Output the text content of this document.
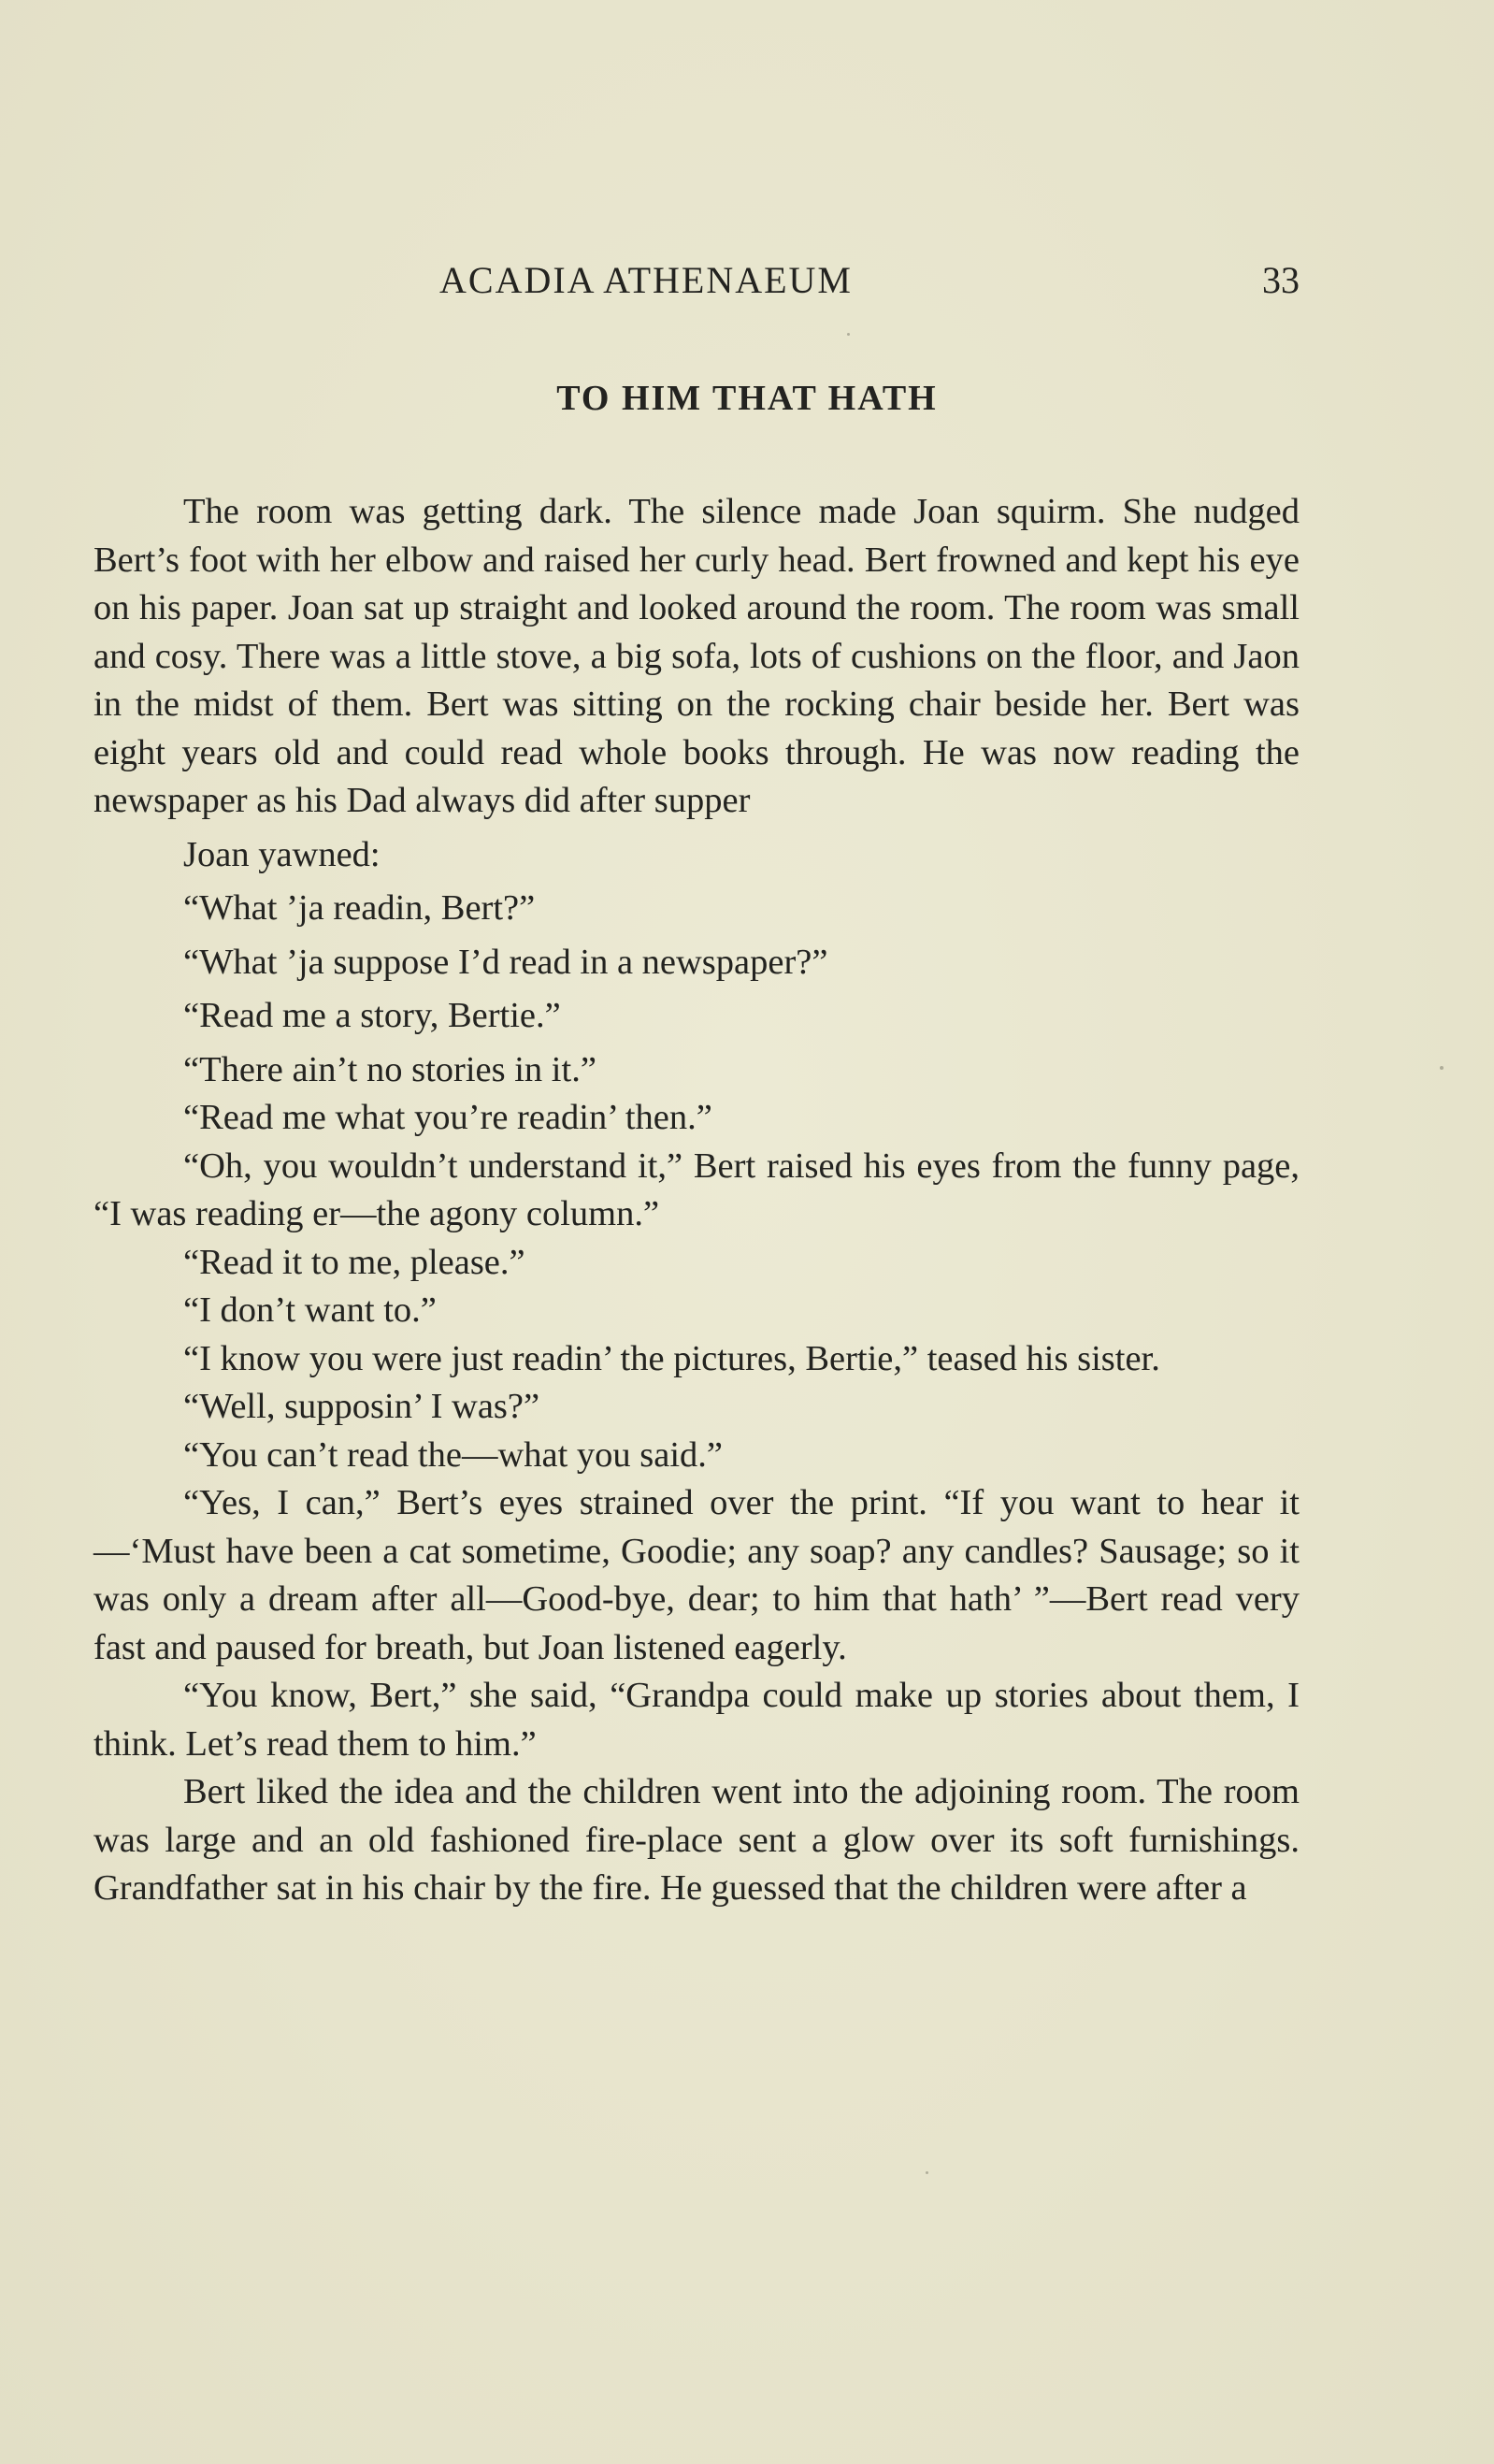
ACADIA ATHENAEUM	33
TO HIM THAT HATH

The room was getting dark. The silence made Joan squirm. She nudged Bert’s foot with her elbow and raised her curly head. Bert frowned and kept his eye on his paper. Joan sat up straight and looked around the room. The room was small and cosy. There was a little stove, a big sofa, lots of cushions on the floor, and Jaon in the midst of them. Bert was sitting on the rocking chair beside her. Bert was eight years old and could read whole books through. He was now reading the newspaper as his Dad always did after supper

Joan yawned:

“What ’ja readin, Bert?”

“What ’ja suppose I’d read in a newspaper?”

“Read me a story, Bertie.”

“There ain’t no stories in it.”

“Read me what you’re readin’ then.”

“Oh, you wouldn’t understand it,” Bert raised his eyes from the funny page, “I was reading er—the agony column.”

“Read it to me, please.”

“I don’t want to.”

“I know you were just readin’ the pictures, Bertie,” teased his sister.

“Well, supposin’ I was?”

“You can’t read the—what you said.”

“Yes, I can,” Bert’s eyes strained over the print. “If you want to hear it—‘Must have been a cat sometime, Goodie; any soap? any candles? Sausage; so it was only a dream after all—Good-bye, dear; to him that hath’ ”—Bert read very fast and paused for breath, but Joan listened eagerly.

“You know, Bert,” she said, “Grandpa could make up stories about them, I think. Let’s read them to him.”

Bert liked the idea and the children went into the adjoining room. The room was large and an old fashioned fire-place sent a glow over its soft furnishings. Grandfather sat in his chair by the fire. He guessed that the children were after a
